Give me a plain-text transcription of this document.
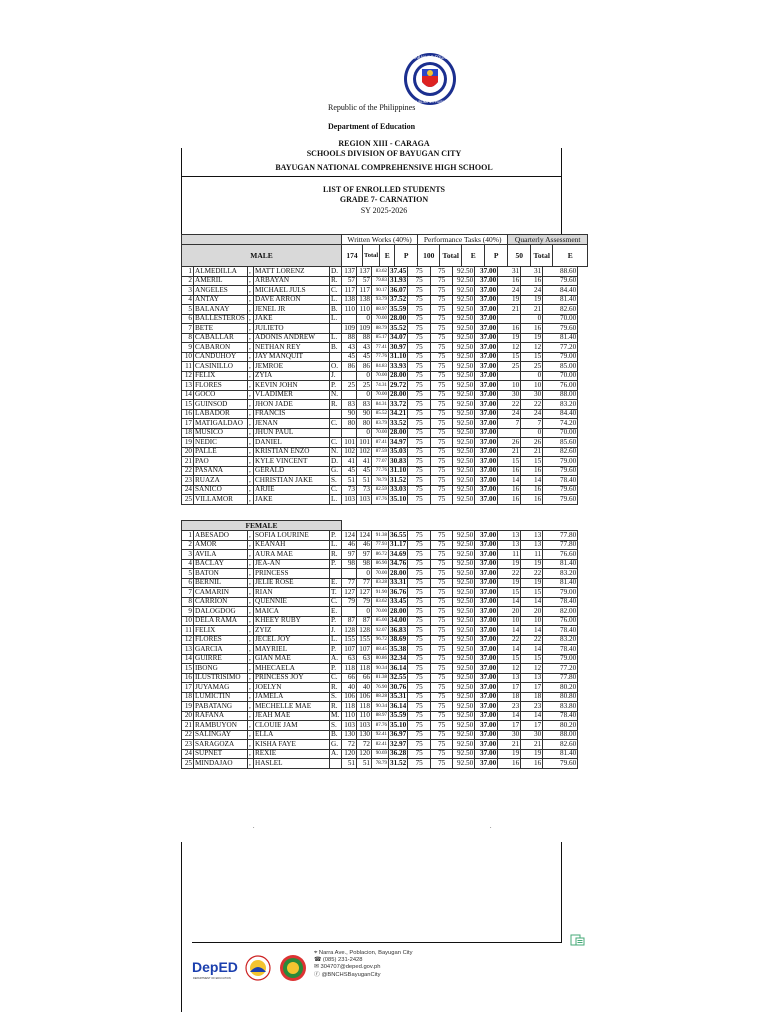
KAGAWARAN NG EDUKASYON
REPUBLIKA NG PILIPINAS
Republic of the Philippines
Department of Education
REGION XIII - CARAGA
SCHOOLS DIVISION OF BAYUGAN CITY
BAYUGAN NATIONAL COMPREHENSIVE HIGH SCHOOL
LIST OF ENROLLED STUDENTS
GRADE 7- CARNATION
SY 2025-2026
	Written Works (40%)				Performance Tasks (40%)				Quarterly Assessment		
MALE	174	Total	E	P	100	Total	E	P	50	Total	E
1	ALMEDILLA	,	MATT LORENZ	D.	137	137	83.62	37.45	75	75	92.50	37.00	31	31	88.60
2	AMERIL	,	ARBAYAN	R.	57	57	79.83	31.93	75	75	92.50	37.00	16	16	79.60
3	ANGELES	,	MICHAEL JULS	C.	117	117	90.17	36.07	75	75	92.50	37.00	24	24	84.40
4	ANTAY	,	DAVE ARRON	L.	138	138	93.79	37.52	75	75	92.50	37.00	19	19	81.40
5	BALANAY	,	JENEL JR	B.	110	110	88.97	35.59	75	75	92.50	37.00	21	21	82.60
6	BALLESTEROS	,	JAKE	L.		0	70.00	28.00	75	75	92.50	37.00		0	70.00
7	BETE	,	JULIETO		109	109	88.79	35.52	75	75	92.50	37.00	16	16	79.60
8	CABALLAR	,	ADONIS ANDREW	L.	88	88	85.17	34.07	75	75	92.50	37.00	19	19	81.40
9	CABARON	,	NETHAN REY	B.	43	43	77.41	30.97	75	75	92.50	37.00	12	12	77.20
10	CANDUHOY	,	JAY MANQUIT		45	45	77.76	31.10	75	75	92.50	37.00	15	15	79.00
11	CASINILLO	,	JEMROE	O.	86	86	84.83	33.93	75	75	92.50	37.00	25	25	85.00
12	FELIX	,	ZYIA	J.		0	70.00	28.00	75	75	92.50	37.00		0	70.00
13	FLORES	,	KEVIN JOHN	P.	25	25	74.31	29.72	75	75	92.50	37.00	10	10	76.00
14	GOCO	,	VLADIMER	N.		0	70.00	28.00	75	75	92.50	37.00	30	30	88.00
15	GUINSOD	,	JHON JADE	R.	83	83	84.31	33.72	75	75	92.50	37.00	22	22	83.20
16	LABADOR	,	FRANCIS		90	90	85.52	34.21	75	75	92.50	37.00	24	24	84.40
17	MATIGALDAO	,	JENAN	C.	80	80	83.79	33.52	75	75	92.50	37.00	7	7	74.20
18	MUSICO	,	JHUN PAUL			0	70.00	28.00	75	75	92.50	37.00		0	70.00
19	NEDIC	,	DANIEL	C.	101	101	87.41	34.97	75	75	92.50	37.00	26	26	85.60
20	PALLE	,	KRISTIAN ENZO	N.	102	102	87.59	35.03	75	75	92.50	37.00	21	21	82.60
21	PAO	,	KYLE VINCENT	D.	41	41	77.07	30.83	75	75	92.50	37.00	15	15	79.00
22	PASANA	,	GERALD	G.	45	45	77.76	31.10	75	75	92.50	37.00	16	16	79.60
23	RUAZA	,	CHRISTIAN JAKE	S.	51	51	78.79	31.52	75	75	92.50	37.00	14	14	78.40
24	SANICO	,	ARJIE	C.	73	73	82.59	33.03	75	75	92.50	37.00	16	16	79.60
25	VILLAMOR	,	JAKE	L.	103	103	87.76	35.10	75	75	92.50	37.00	16	16	79.60
FEMALE
1	ABESADO	,	SOFIA LOURINE	P.	124	124	91.38	36.55	75	75	92.50	37.00	13	13	77.80
2	AMOR	,	KEANAH	L.	46	46	77.93	31.17	75	75	92.50	37.00	13	13	77.80
3	AVILA	,	AURA MAE	R.	97	97	86.72	34.69	75	75	92.50	37.00	11	11	76.60
4	BACLAY	,	JEA-AN	P.	98	98	86.90	34.76	75	75	92.50	37.00	19	19	81.40
5	BATON	,	PRINCESS			0	70.00	28.00	75	75	92.50	37.00	22	22	83.20
6	BERNIL	,	JELIE ROSE	E.	77	77	83.28	33.31	75	75	92.50	37.00	19	19	81.40
7	CAMARIN	,	RIAN	T.	127	127	91.90	36.76	75	75	92.50	37.00	15	15	79.00
8	CARRION	,	QUENNIE	C.	79	79	83.62	33.45	75	75	92.50	37.00	14	14	78.40
9	DALOGDOG	,	MAICA	E.		0	70.00	28.00	75	75	92.50	37.00	20	20	82.00
10	DELA RAMA	,	KHEEY RUBY	P.	87	87	85.00	34.00	75	75	92.50	37.00	10	10	76.00
11	FELIX	,	ZYIZ	J.	128	128	92.07	36.83	75	75	92.50	37.00	14	14	78.40
12	FLORES	,	JECEL JOY	L.	155	155	96.72	38.69	75	75	92.50	37.00	22	22	83.20
13	GARCIA	,	MAYRIEL	P.	107	107	88.45	35.38	75	75	92.50	37.00	14	14	78.40
14	GUIRRE	,	GIAN MAE	A.	63	63	80.86	32.34	75	75	92.50	37.00	15	15	79.00
15	IBONG	,	MHECAELA	P.	118	118	90.34	36.14	75	75	92.50	37.00	12	12	77.20
16	ILUSTRISIMO	,	PRINCESS JOY	C.	66	66	81.38	32.55	75	75	92.50	37.00	13	13	77.80
17	JUYAMAG	,	JOELYN	R.	40	40	76.90	30.76	75	75	92.50	37.00	17	17	80.20
18	LUMICTIN	,	JAMELA	S.	106	106	88.28	35.31	75	75	92.50	37.00	18	18	80.80
19	PABATANG	,	MECHELLE MAE	R.	118	118	90.34	36.14	75	75	92.50	37.00	23	23	83.80
20	RAFANA	,	JEAH MAE	M.	110	110	88.97	35.59	75	75	92.50	37.00	14	14	78.40
21	RAMBUYON	,	CLOUIE JAM	S.	103	103	87.76	35.10	75	75	92.50	37.00	17	17	80.20
22	SALINGAY	,	ELLA	B.	130	130	92.41	36.97	75	75	92.50	37.00	30	30	88.00
23	SARAGOZA	,	KISHA FAYE	G.	72	72	82.41	32.97	75	75	92.50	37.00	21	21	82.60
24	SUPNET	,	REXIE	A.	120	120	90.69	36.28	75	75	92.50	37.00	19	19	81.40
25	MINDAJAO	,	HASLEL		51	51	78.79	31.52	75	75	92.50	37.00	16	16	79.60
.	.
DepED
DEPARTMENT OF EDUCATION
⌖ Narra Ave., Poblacion, Bayugan City
☎ (085) 231-2428
✉ 304707@deped.gov.ph
ⓕ @BNCHSBayuganCity
